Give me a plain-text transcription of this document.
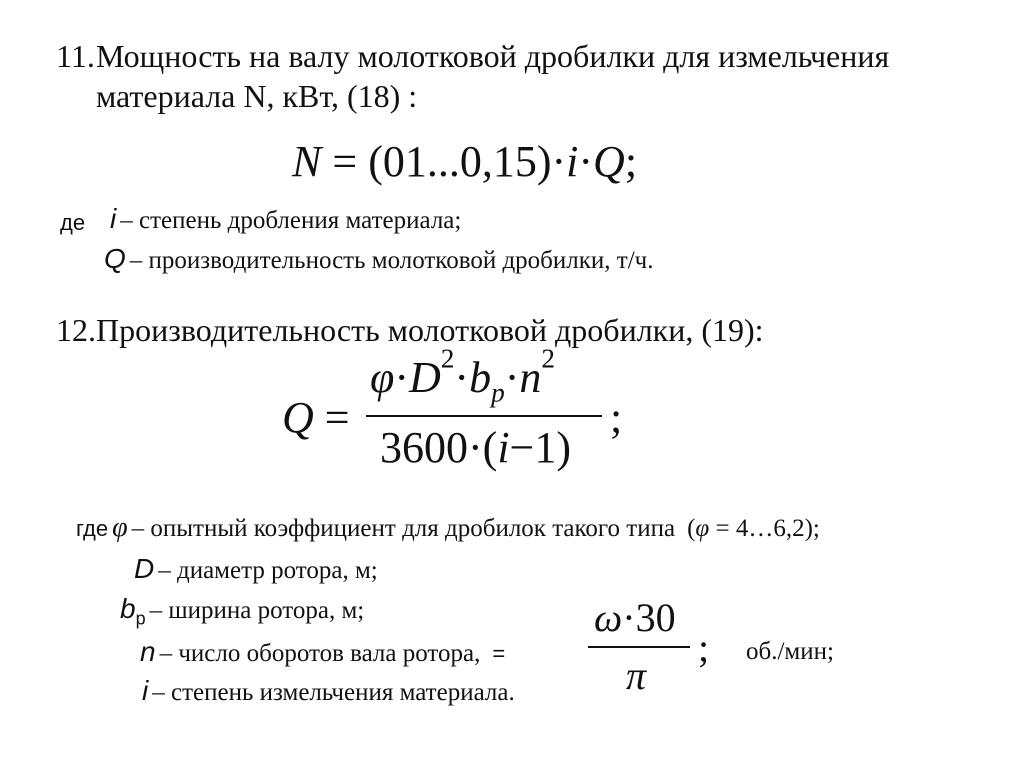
11. Мощность на валу молотковой дробилки для измельчения
материала N, кВт, (18) :
N = (01...0,15)·i·Q;
де i – степень дробления материала;
Q – производительность молотковой дробилки, т/ч.
12. Производительность молотковой дробилки, (19):
Q =
$\varphi\cdot D^2\cdot b_p\cdot n^2$
3600·(i−1)
;
где φ – опытный коэффициент для дробилок такого типа (φ = 4…6,2);
D – диаметр ротора, м;
$b_p$ – ширина ротора, м;
n – число оборотов вала ротора, =
ω·30
π
; об./мин;
i – степень измельчения материала.
